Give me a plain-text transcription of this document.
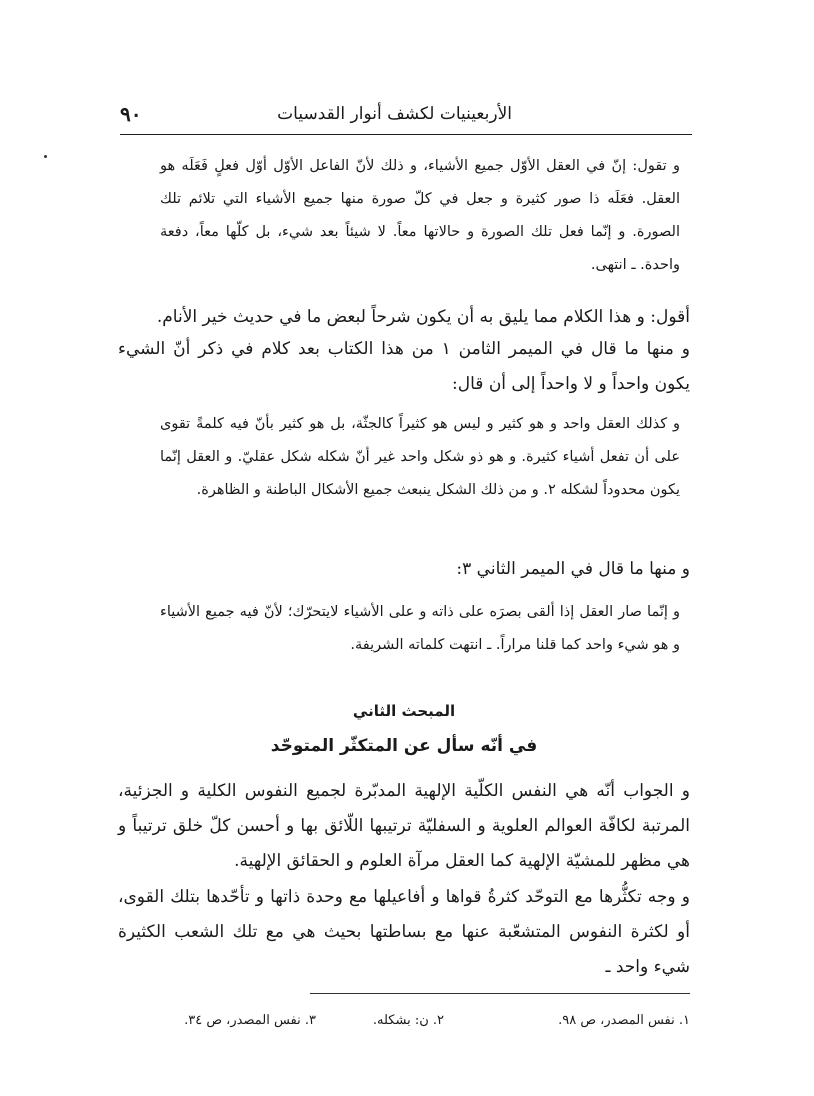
٩٠	الأربعينيات لكشف أنوار القدسيات
و تقول: إنّ في العقل الأوّل جميع الأشياء، و ذلك لأنّ الفاعل الأوّل أوّل فعلٍ فَعَلَه هو العقل. فعَلَه ذا صور كثيرة و جعل في كلّ صورة منها جميع الأشياء التي تلائم تلك الصورة. و إنّما فعل تلك الصورة و حالاتها معاً. لا شيئاً بعد شيء، بل كلّها معاً، دفعة واحدة. ـ انتهى.
أقول: و هذا الكلام مما يليق به أن يكون شرحاً لبعض ما في حديث خير الأنام.
و منها ما قال في الميمر الثامن ١ من هذا الكتاب بعد كلام في ذكر أنّ الشيء يكون واحداً و لا واحداً إلى أن قال:
و كذلك العقل واحد و هو كثير و ليس هو كثيراً كالجثّة، بل هو كثير بأنّ فيه كلمةً تقوى على أن تفعل أشياء كثيرة. و هو ذو شكل واحد غير أنّ شكله شكل عقليّ. و العقل إنّما يكون محدوداً لشكله ٢. و من ذلك الشكل ينبعث جميع الأشكال الباطنة و الظاهرة.
و منها ما قال في الميمر الثاني ٣:
و إنّما صار العقل إذا ألقى بصرَه على ذاته و على الأشياء لايتحرّك؛ لأنّ فيه جميع الأشياء و هو شيء واحد كما قلنا مراراً. ـ انتهت كلماته الشريفة.
المبحث الثاني
في أنّه سأل عن المتكثّر المتوحّد
و الجواب أنّه هي النفس الكلّية الإلهية المدبّرة لجميع النفوس الكلية و الجزئية، المرتبة لكافّة العوالم العلوية و السفليّة ترتيبها اللّائق بها و أحسن كلّ خلق ترتيباً و هي مظهر للمشيّة الإلهية كما العقل مرآة العلوم و الحقائق الإلهية.
و وجه تكثُّرها مع التوحّد كثرةُ قواها و أفاعيلها مع وحدة ذاتها و تأحّدها بتلك القوى، أو لكثرة النفوس المتشعّبة عنها مع بساطتها بحيث هي مع تلك الشعب الكثيرة شيء واحد ـ
١. نفس المصدر، ص ٩٨.
٢. ن: بشكله.
٣. نفس المصدر، ص ٣٤.
